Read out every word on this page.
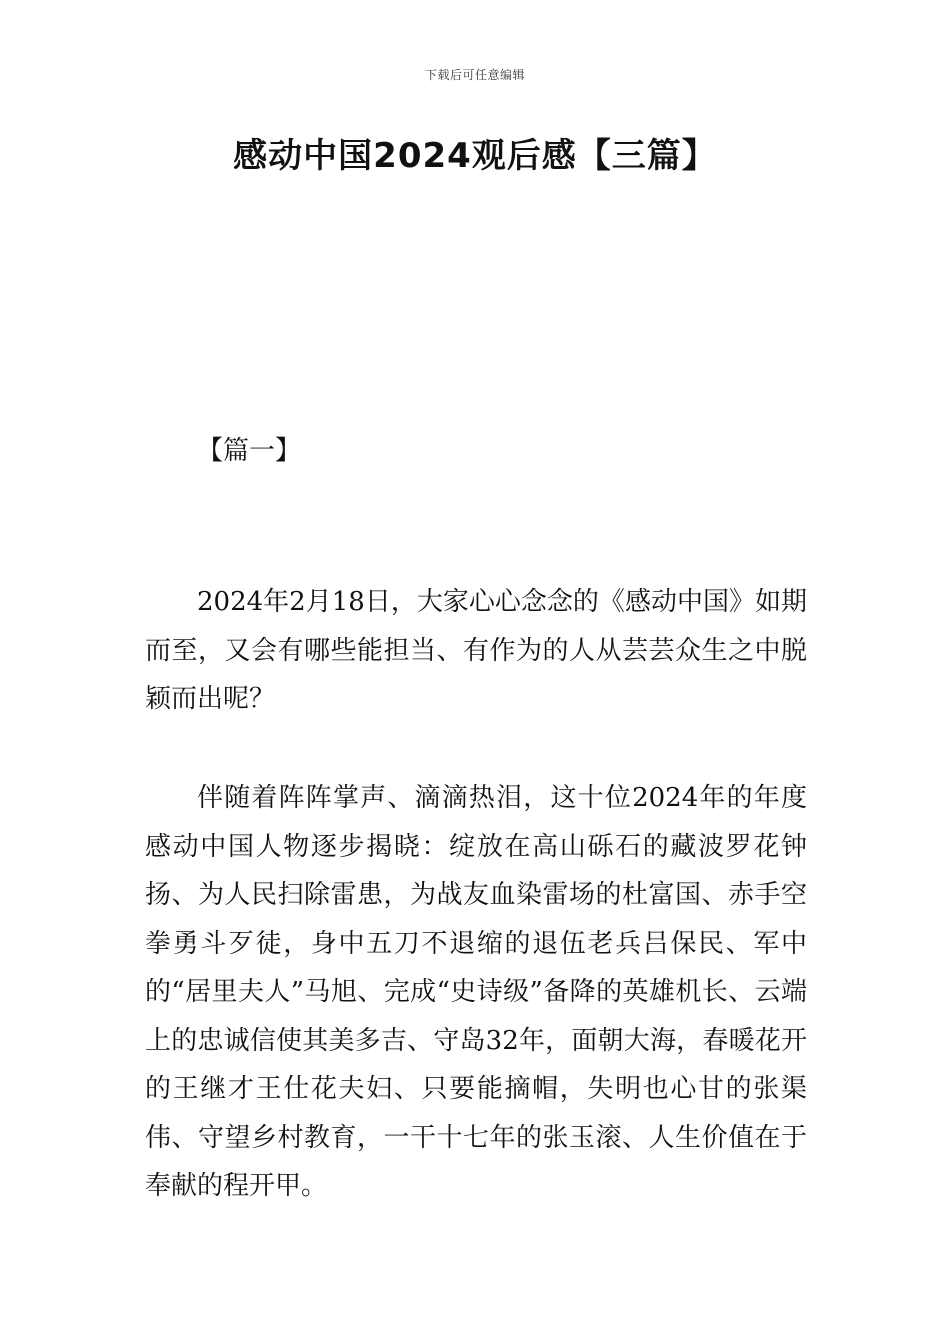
下载后可任意编辑
感动中国2024观后感【三篇】
【篇一】

2024年2月18日，大家心心念念的《感动中国》如期而至，又会有哪些能担当、有作为的人从芸芸众生之中脱颖而出呢？

伴随着阵阵掌声、滴滴热泪，这十位2024年的年度感动中国人物逐步揭晓：绽放在高山砾石的藏波罗花钟扬、为人民扫除雷患，为战友血染雷场的杜富国、赤手空拳勇斗歹徒，身中五刀不退缩的退伍老兵吕保民、军中的“居里夫人”马旭、完成“史诗级”备降的英雄机长、云端上的忠诚信使其美多吉、守岛32年，面朝大海，春暖花开的王继才王仕花夫妇、只要能摘帽，失明也心甘的张渠伟、守望乡村教育，一干十七年的张玉滚、人生价值在于奉献的程开甲。
